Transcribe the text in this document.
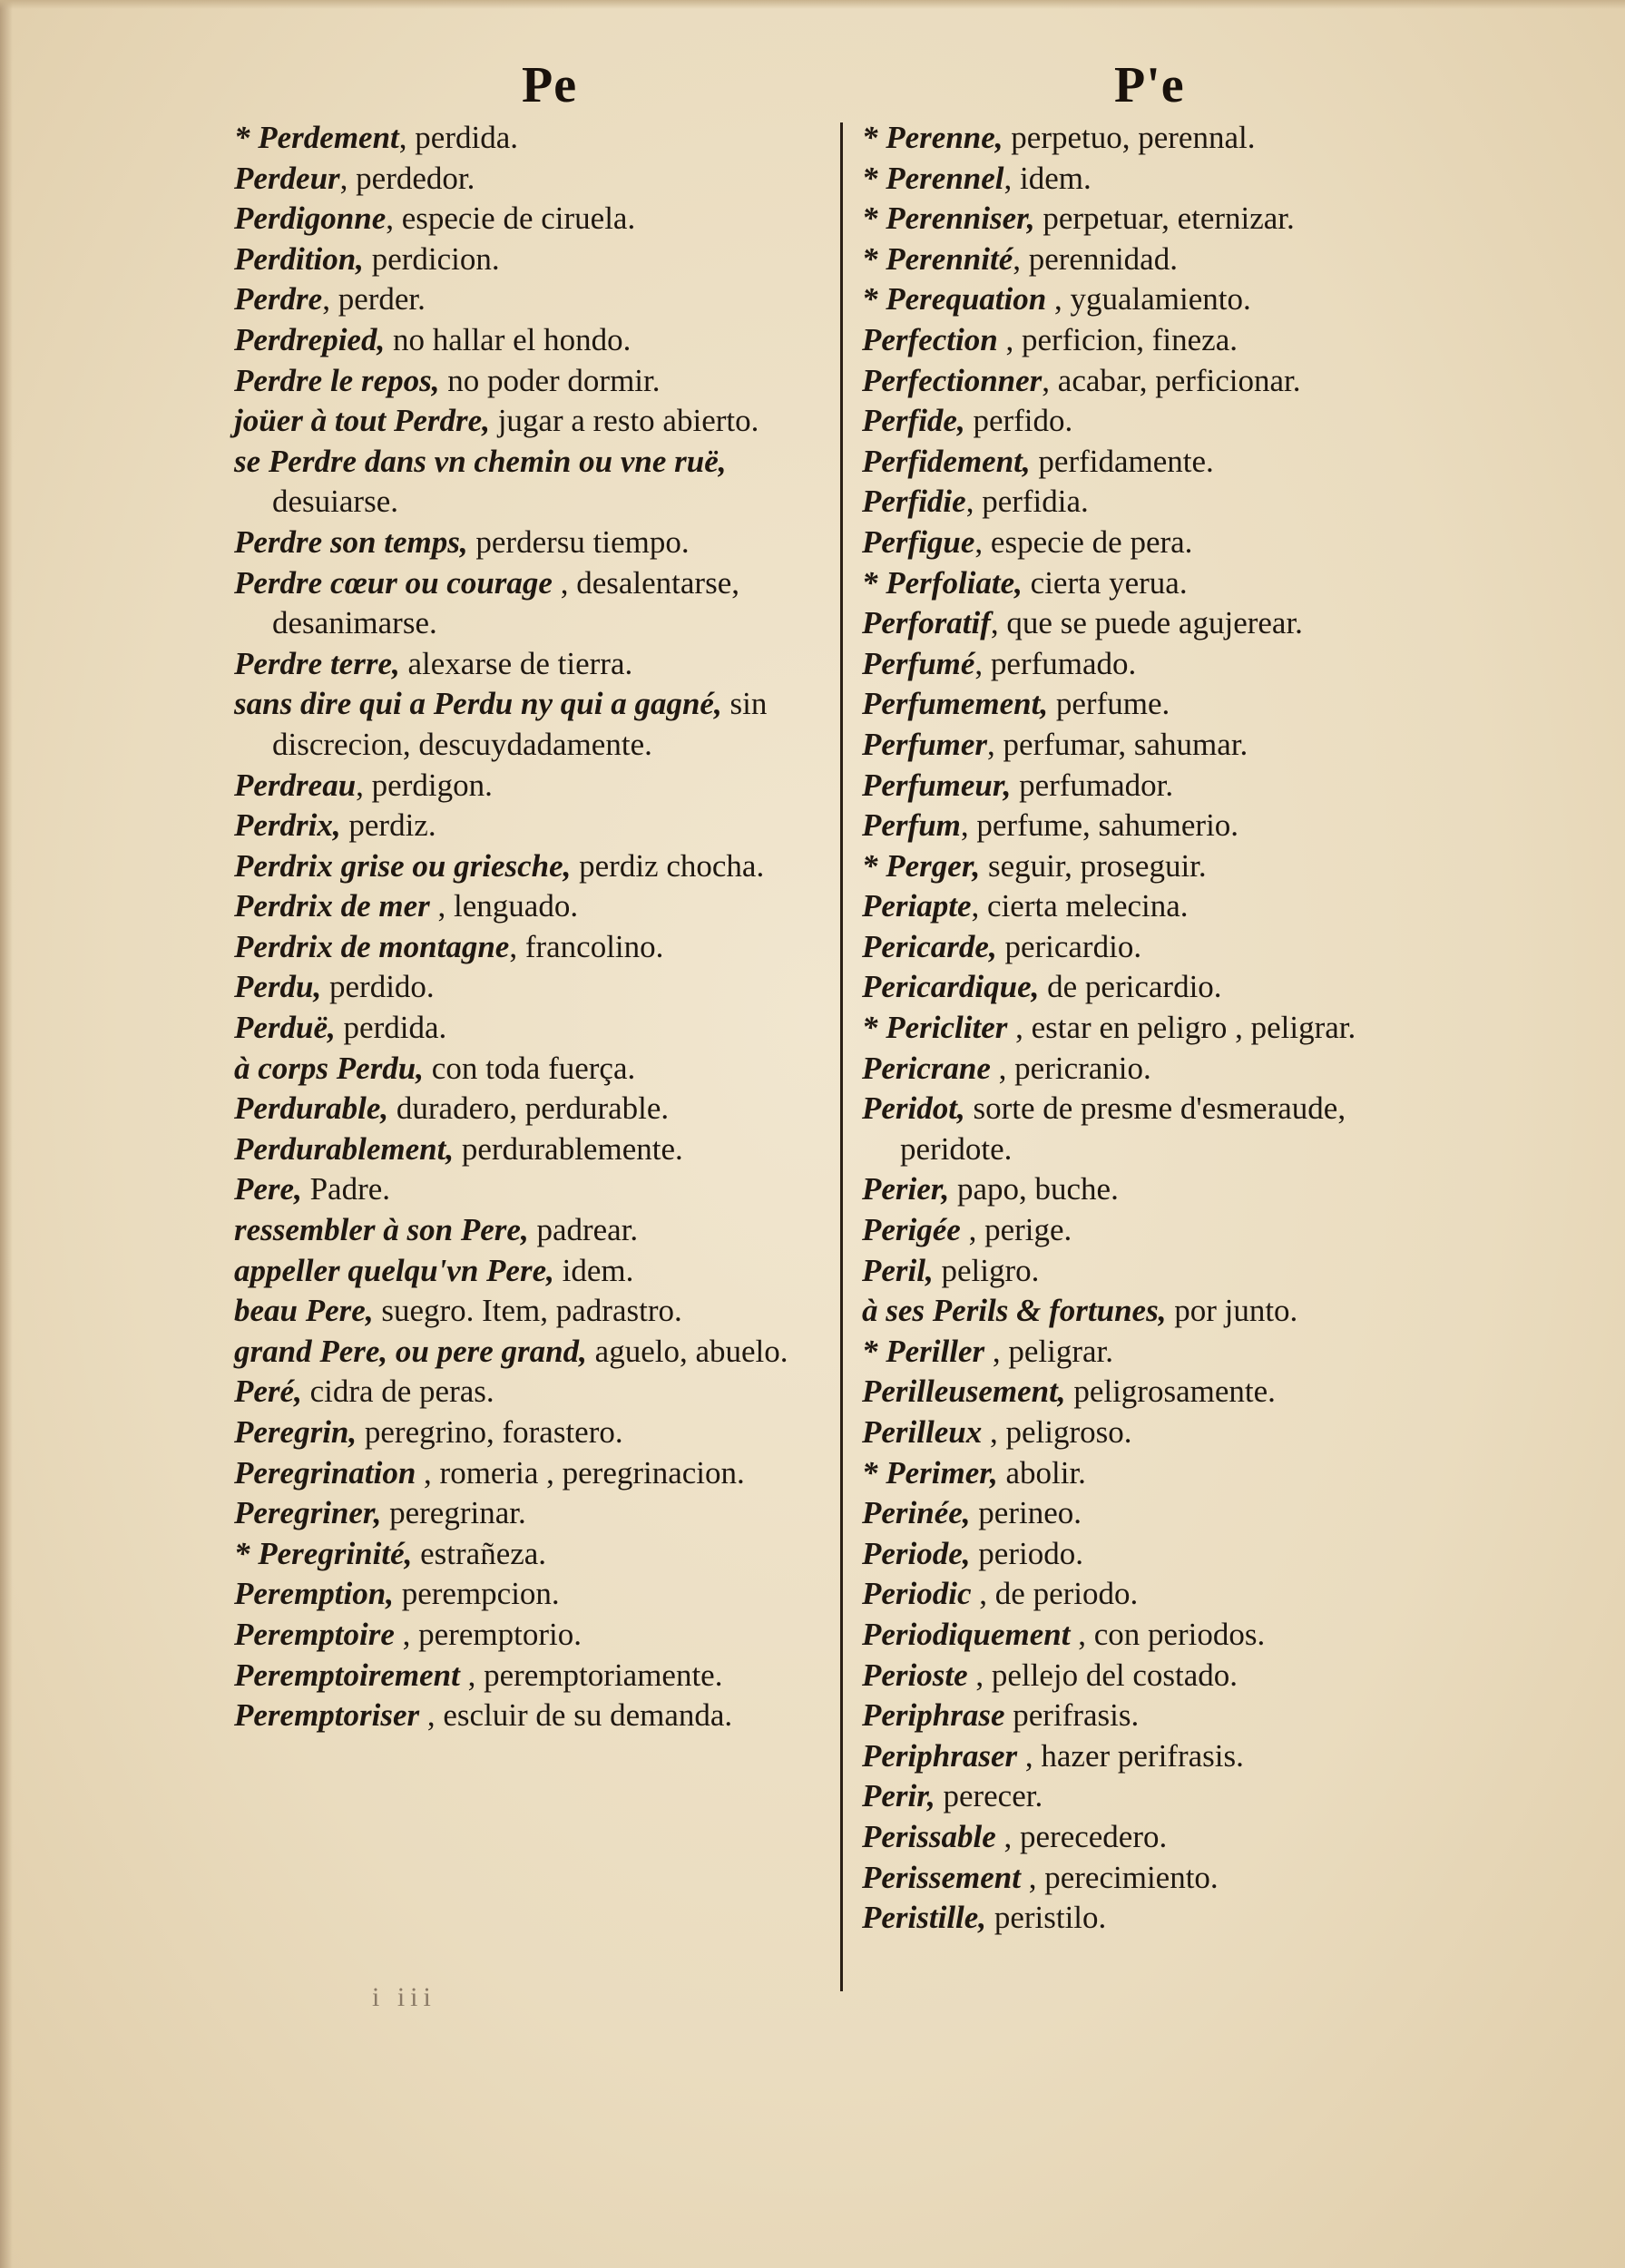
Pe	P'e
* Perdement, perdida.
Perdeur, perdedor.
Perdigonne, especie de ciruela.
Perdition, perdicion.
Perdre, perder.
Perdrepied, no hallar el hondo.
Perdre le repos, no poder dormir.
joüer à tout Perdre, jugar a resto abierto.
se Perdre dans vn chemin ou vne ruë, desuiarse.
Perdre son temps, perdersu tiempo.
Perdre cœur ou courage , desalentarse, desanimarse.
Perdre terre, alexarse de tierra.
sans dire qui a Perdu ny qui a gagné, sin discrecion, descuydadamente.
Perdreau, perdigon.
Perdrix, perdiz.
Perdrix grise ou griesche, perdiz chocha.
Perdrix de mer , lenguado.
Perdrix de montagne, francolino.
Perdu, perdido.
Perduë, perdida.
à corps Perdu, con toda fuerça.
Perdurable, duradero, perdurable.
Perdurablement, perdurablemente.
Pere, Padre.
ressembler à son Pere, padrear.
appeller quelqu'vn Pere, idem.
beau Pere, suegro. Item, padrastro.
grand Pere, ou pere grand, aguelo, abuelo.
Peré, cidra de peras.
Peregrin, peregrino, forastero.
Peregrination , romeria , peregrinacion.
Peregriner, peregrinar.
* Peregrinité, estrañeza.
Peremption, perempcion.
Peremptoire , peremptorio.
Peremptoirement , peremptoriamente.
Peremptoriser , escluir de su demanda.
* Perenne, perpetuo, perennal.
* Perennel, idem.
* Perenniser, perpetuar, eternizar.
* Perennité, perennidad.
* Perequation , ygualamiento.
Perfection , perficion, fineza.
Perfectionner, acabar, perficionar.
Perfide, perfido.
Perfidement, perfidamente.
Perfidie, perfidia.
Perfigue, especie de pera.
* Perfoliate, cierta yerua.
Perforatif, que se puede agujerear.
Perfumé, perfumado.
Perfumement, perfume.
Perfumer, perfumar, sahumar.
Perfumeur, perfumador.
Perfum, perfume, sahumerio.
* Perger, seguir, proseguir.
Periapte, cierta melecina.
Pericarde, pericardio.
Pericardique, de pericardio.
* Pericliter , estar en peligro , peligrar.
Pericrane , pericranio.
Peridot, sorte de presme d'esmeraude, peridote.
Perier, papo, buche.
Perigée , perige.
Peril, peligro.
à ses Perils & fortunes, por junto.
* Periller , peligrar.
Perilleusement, peligrosamente.
Perilleux , peligroso.
* Perimer, abolir.
Perinée, perineo.
Periode, periodo.
Periodic , de periodo.
Periodiquement , con periodos.
Perioste , pellejo del costado.
Periphrase perifrasis.
Periphraser , hazer perifrasis.
Perir, perecer.
Perissable , perecedero.
Perissement , perecimiento.
Peristille, peristilo.
i iii
